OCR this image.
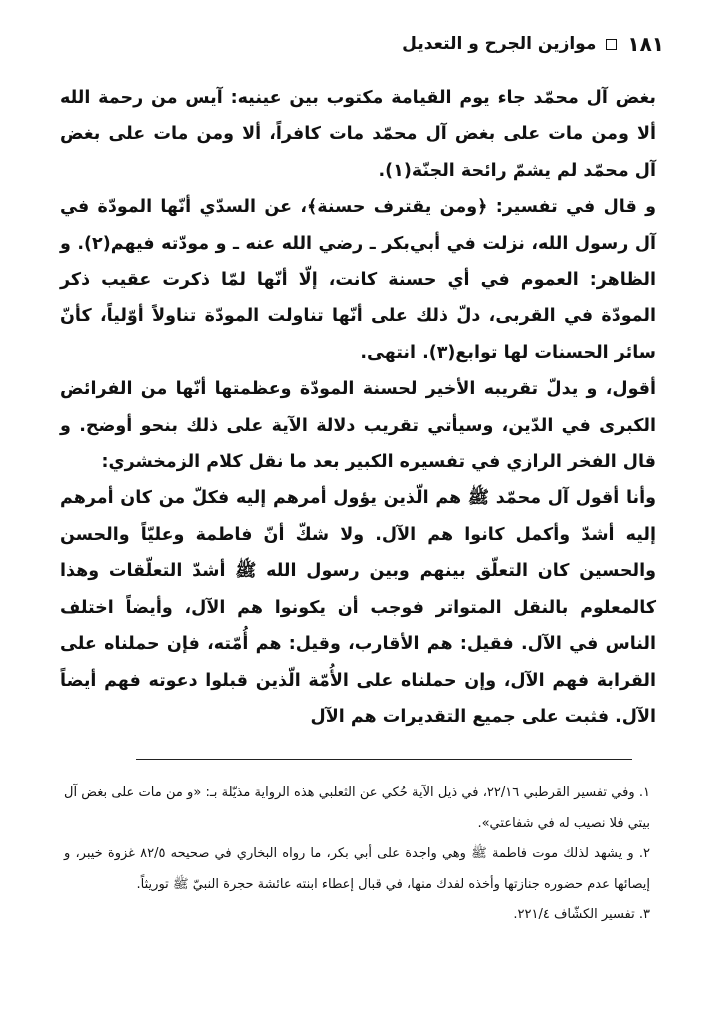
١٨١
موازين الجرح و التعديل

بغض آل محمّد جاء يوم القيامة مكتوب بين عينيه: آيس من رحمة الله ألا ومن مات على بغض آل محمّد مات كافراً، ألا ومن مات على بغض آل محمّد لم يشمّ رائحة الجنّة(١).

و قال في تفسير: ﴿ومن يقترف حسنة﴾، عن السدّي أنّها المودّة في آل رسول الله، نزلت في أبي‌بكر ـ رضي الله عنه ـ و مودّته فيهم(٢). و الظاهر: العموم في أي حسنة كانت، إلّا أنّها لمّا ذكرت عقيب ذكر المودّة في القربى، دلّ ذلك على أنّها تناولت المودّة تناولاً أوّلياً، كأنّ سائر الحسنات لها توابع(٣). انتهى.

أقول، و يدلّ تقريبه الأخير لحسنة المودّة وعظمتها أنّها من الفرائض الكبرى في الدّين، وسيأتي تقريب دلالة الآية على ذلك بنحو أوضح. و قال الفخر الرازي في تفسيره الكبير بعد ما نقل كلام الزمخشري:

وأنا أقول آل محمّد ﷺ هم الّذين يؤول أمرهم إليه فكلّ من كان أمرهم إليه أشدّ وأكمل كانوا هم الآل. ولا شكّ أنّ فاطمة وعليّاً والحسن والحسين كان التعلّق بينهم وبين رسول الله ﷺ أشدّ التعلّقات وهذا كالمعلوم بالنقل المتواتر فوجب أن يكونوا هم الآل، وأيضاً اختلف الناس في الآل. فقيل: هم الأقارب، وقيل: هم أُمّته، فإن حملناه على القرابة فهم الآل، وإن حملناه على الأُمّة الّذين قبلوا دعوته فهم أيضاً الآل. فثبت على جميع التقديرات هم الآل

١. وفي تفسير القرطبي ٢٢/١٦، في ذيل الآية حُكي عن الثعلبي هذه الرواية مذيّلة بـ: «و من مات على بغض آل بيتي فلا نصيب له في شفاعتي».

٢. و يشهد لذلك موت فاطمة ﷺ وهي واجدة على أبي بكر، ما رواه البخاري في صحيحه ٨٢/٥ غزوة خيبر، و إيصائها عدم حضوره جنازتها وأخذه لفدك منها، في قبال إعطاء ابنته عائشة حجرة النبيّ ﷺ توريثاً.

٣. تفسير الكشّاف ٢٢١/٤.
